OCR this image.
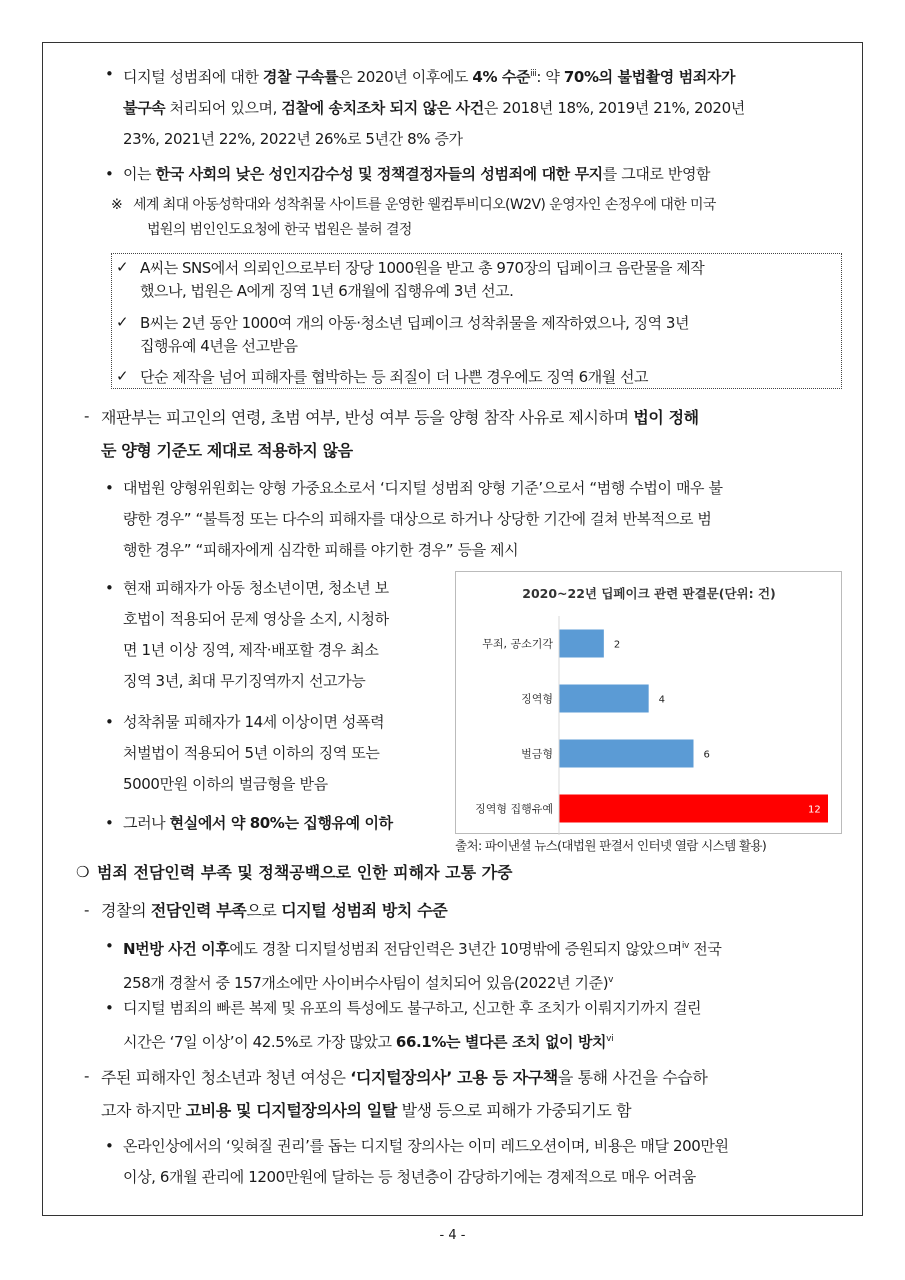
• 디지털 성범죄에 대한 경찰 구속률은 2020년 이후에도 4% 수준$^{iii}$: 약 70%의 불법촬영 범죄자가
불구속 처리되어 있으며, 검찰에 송치조차 되지 않은 사건은 2018년 18%, 2019년 21%, 2020년
23%, 2021년 22%, 2022년 26%로 5년간 8% 증가
• 이는 한국 사회의 낮은 성인지감수성 및 정책결정자들의 성범죄에 대한 무지를 그대로 반영함
※ 세계 최대 아동성학대와 성착취물 사이트를 운영한 웰컴투비디오(W2V) 운영자인 손정우에 대한 미국
법원의 범인인도요청에 한국 법원은 불허 결정
✓ A씨는 SNS에서 의뢰인으로부터 장당 1000원을 받고 총 970장의 딥페이크 음란물을 제작
했으나, 법원은 A에게 징역 1년 6개월에 집행유예 3년 선고.
✓ B씨는 2년 동안 1000여 개의 아동·청소년 딥페이크 성착취물을 제작하였으나, 징역 3년
집행유예 4년을 선고받음
✓ 단순 제작을 넘어 피해자를 협박하는 등 죄질이 더 나쁜 경우에도 징역 6개월 선고
- 재판부는 피고인의 연령, 초범 여부, 반성 여부 등을 양형 참작 사유로 제시하며 법이 정해
둔 양형 기준도 제대로 적용하지 않음
• 대법원 양형위원회는 양형 가중요소로서 ‘디지털 성범죄 양형 기준’으로서 “범행 수법이 매우 불
량한 경우” “불특정 또는 다수의 피해자를 대상으로 하거나 상당한 기간에 걸쳐 반복적으로 범
행한 경우” “피해자에게 심각한 피해를 야기한 경우” 등을 제시
• 현재 피해자가 아동 청소년이면, 청소년 보
호법이 적용되어 문제 영상을 소지, 시청하
면 1년 이상 징역, 제작·배포할 경우 최소
징역 3년, 최대 무기징역까지 선고가능
• 성착취물 피해자가 14세 이상이면 성폭력
처벌법이 적용되어 5년 이하의 징역 또는
5000만원 이하의 벌금형을 받음
• 그러나 현실에서 약 80%는 집행유예 이하
2020~22년 딥페이크 관련 판결문(단위: 건)
무죄, 공소기각	2
징역형	4
벌금형	6
징역형 집행유예	12
출처: 파이낸셜 뉴스(대법원 판결서 인터넷 열람 시스템 활용)
❍ 범죄 전담인력 부족 및 정책공백으로 인한 피해자 고통 가중
- 경찰의 전담인력 부족으로 디지털 성범죄 방치 수준
• N번방 사건 이후에도 경찰 디지털성범죄 전담인력은 3년간 10명밖에 증원되지 않았으며$^{iv}$ 전국
258개 경찰서 중 157개소에만 사이버수사팀이 설치되어 있음(2022년 기준)$^v$
• 디지털 범죄의 빠른 복제 및 유포의 특성에도 불구하고, 신고한 후 조치가 이뤄지기까지 걸린
시간은 ‘7일 이상’이 42.5%로 가장 많았고 66.1%는 별다른 조치 없이 방치$^{vi}$
- 주된 피해자인 청소년과 청년 여성은 ‘디지털장의사’ 고용 등 자구책을 통해 사건을 수습하
고자 하지만 고비용 및 디지털장의사의 일탈 발생 등으로 피해가 가중되기도 함
• 온라인상에서의 ‘잊혀질 권리’를 돕는 디지털 장의사는 이미 레드오션이며, 비용은 매달 200만원
이상, 6개월 관리에 1200만원에 달하는 등 청년층이 감당하기에는 경제적으로 매우 어려움
- 4 -
